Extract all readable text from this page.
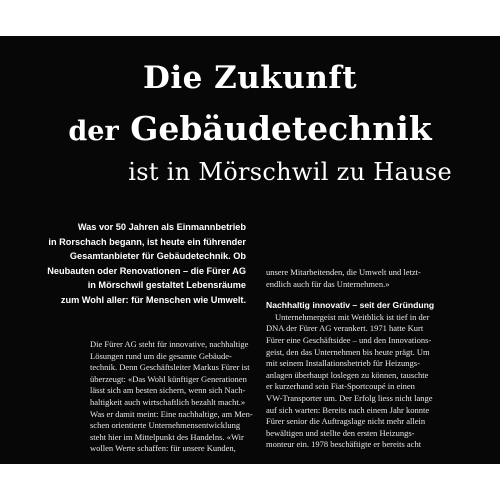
Die Zukunft
der Gebäudetechnik
ist in Mörschwil zu Hause
Was vor 50 Jahren als Einmannbetrieb
in Rorschach begann, ist heute ein führender
Gesamtanbieter für Gebäudetechnik. Ob
Neubauten oder Renovationen – die Fürer AG
in Mörschwil gestaltet Lebensräume
zum Wohl aller: für Menschen wie Umwelt.
Die Fürer AG steht für innovative, nachhaltige
Lösungen rund um die gesamte Gebäude-
technik. Denn Geschäftsleiter Markus Fürer ist
überzeugt: «Das Wohl künftiger Generationen
lässt sich am besten sichern, wenn sich Nach-
haltigkeit auch wirtschaftlich bezahlt macht.»
Was er damit meint: Eine nachhaltige, am Men-
schen orientierte Unternehmensentwicklung
steht hier im Mittelpunkt des Handelns. «Wir
wollen Werte schaffen: für unsere Kunden,
unsere Mitarbeitenden, die Umwelt und letzt-
endlich auch für das Unternehmen.»
Nachhaltig innovativ – seit der Gründung
Unternehmergeist mit Weitblick ist tief in der
DNA der Fürer AG verankert. 1971 hatte Kurt
Fürer eine Geschäftsidee – und den Innovations-
geist, den das Unternehmen bis heute prägt. Um
mit seinem Installationsbetrieb für Heizungs-
anlagen überhaupt loslegen zu können, tauschte
er kurzerhand sein Fiat-Sportcoupé in einen
VW-Transporter um. Der Erfolg liess nicht lange
auf sich warten: Bereits nach einem Jahr konnte
Fürer senior die Auftragslage nicht mehr allein
bewältigen und stellte den ersten Heizungs-
monteur ein. 1978 beschäftigte er bereits acht
